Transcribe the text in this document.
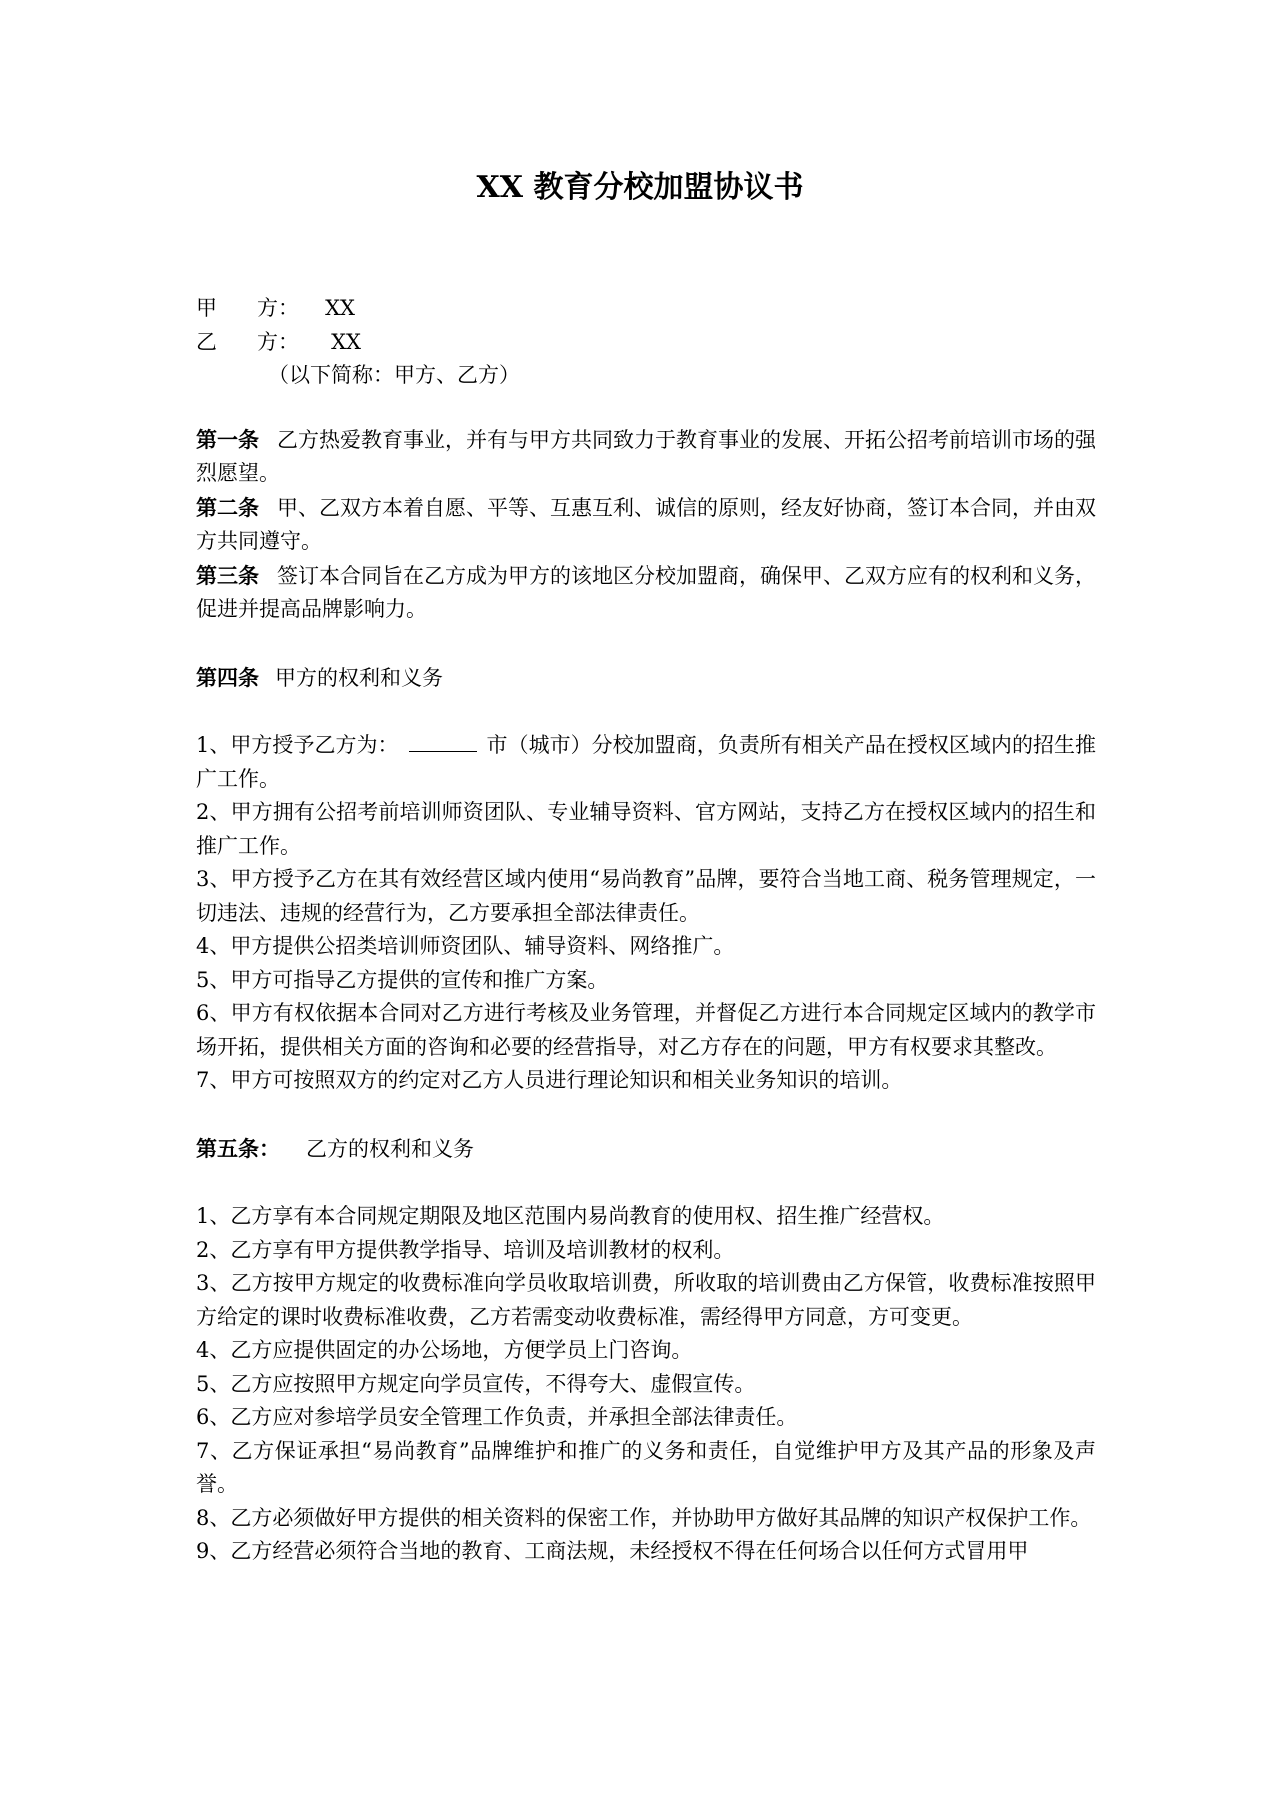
XX 教育分校加盟协议书

甲      方： XX

乙      方： XX

（以下简称：甲方、乙方）

第一条 乙方热爱教育事业，并有与甲方共同致力于教育事业的发展、开拓公招考前培训市场的强烈愿望。

第二条 甲、乙双方本着自愿、平等、互惠互利、诚信的原则，经友好协商，签订本合同，并由双方共同遵守。

第三条 签订本合同旨在乙方成为甲方的该地区分校加盟商，确保甲、乙双方应有的权利和义务，促进并提高品牌影响力。

第四条 甲方的权利和义务

1、甲方授予乙方为：	市（城市）分校加盟商，负责所有相关产品在授权区域内的招生推广工作。

2、甲方拥有公招考前培训师资团队、专业辅导资料、官方网站，支持乙方在授权区域内的招生和推广工作。

3、甲方授予乙方在其有效经营区域内使用“易尚教育”品牌，要符合当地工商、税务管理规定，一切违法、违规的经营行为，乙方要承担全部法律责任。

4、甲方提供公招类培训师资团队、辅导资料、网络推广。

5、甲方可指导乙方提供的宣传和推广方案。

6、甲方有权依据本合同对乙方进行考核及业务管理，并督促乙方进行本合同规定区域内的教学市场开拓，提供相关方面的咨询和必要的经营指导，对乙方存在的问题，甲方有权要求其整改。

7、甲方可按照双方的约定对乙方人员进行理论知识和相关业务知识的培训。

第五条： 乙方的权利和义务

1、乙方享有本合同规定期限及地区范围内易尚教育的使用权、招生推广经营权。

2、乙方享有甲方提供教学指导、培训及培训教材的权利。

3、乙方按甲方规定的收费标准向学员收取培训费，所收取的培训费由乙方保管，收费标准按照甲方给定的课时收费标准收费，乙方若需变动收费标准，需经得甲方同意，方可变更。

4、乙方应提供固定的办公场地，方便学员上门咨询。

5、乙方应按照甲方规定向学员宣传，不得夸大、虚假宣传。

6、乙方应对参培学员安全管理工作负责，并承担全部法律责任。

7、乙方保证承担“易尚教育”品牌维护和推广的义务和责任，自觉维护甲方及其产品的形象及声誉。

8、乙方必须做好甲方提供的相关资料的保密工作，并协助甲方做好其品牌的知识产权保护工作。

9、乙方经营必须符合当地的教育、工商法规，未经授权不得在任何场合以任何方式冒用甲
